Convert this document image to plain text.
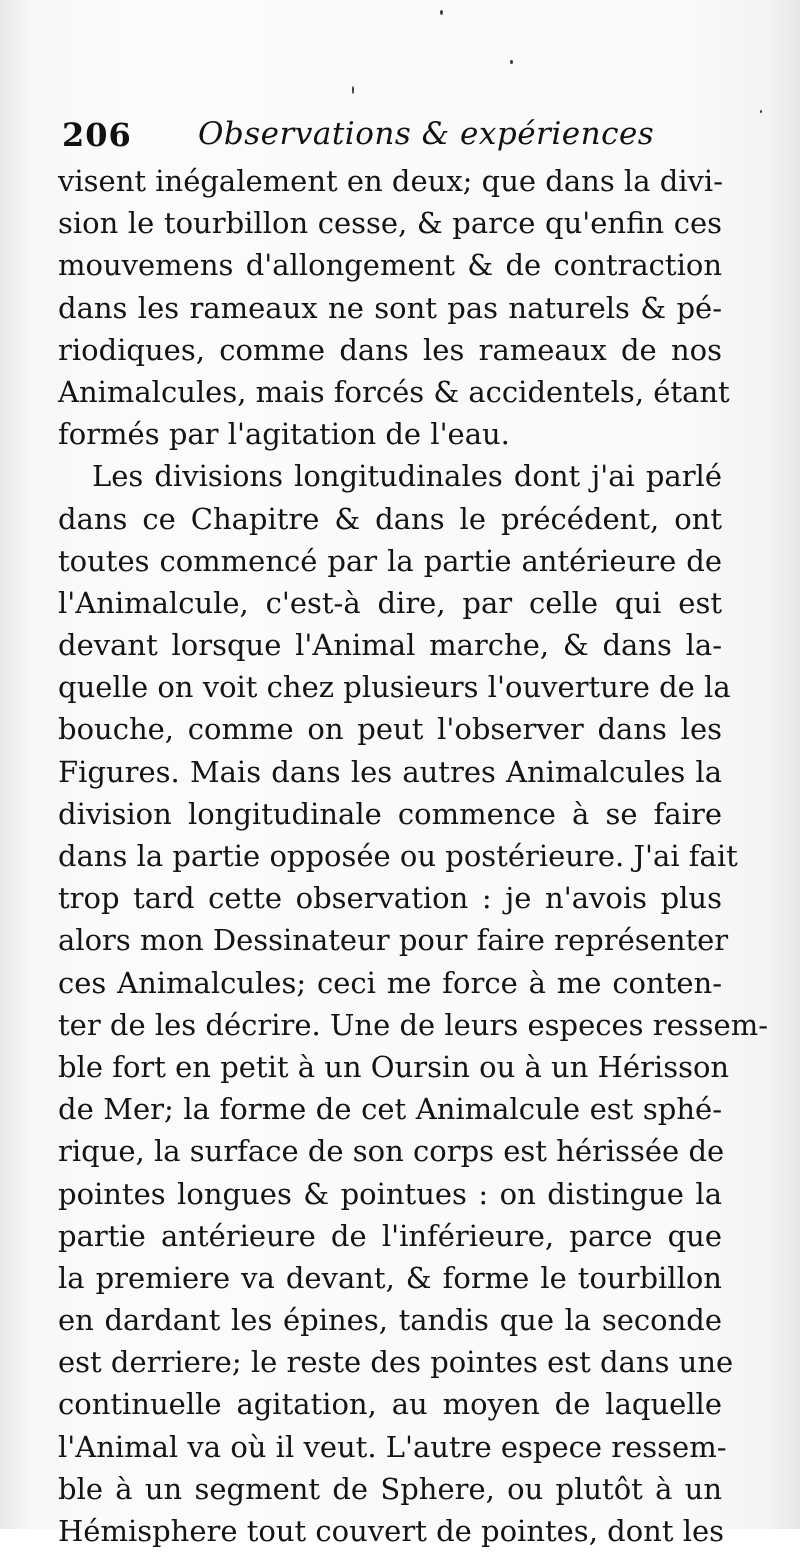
206 Observations & expériences
visent inégalement en deux; que dans la divi-
sion le tourbillon cesse, & parce qu'enfin ces
mouvemens d'allongement & de contraction
dans les rameaux ne sont pas naturels & pé-
riodiques, comme dans les rameaux de nos
Animalcules, mais forcés & accidentels, étant
formés par l'agitation de l'eau.
Les divisions longitudinales dont j'ai parlé
dans ce Chapitre & dans le précédent, ont
toutes commencé par la partie antérieure de
l'Animalcule, c'est-à dire, par celle qui est
devant lorsque l'Animal marche, & dans la-
quelle on voit chez plusieurs l'ouverture de la
bouche, comme on peut l'observer dans les
Figures. Mais dans les autres Animalcules la
division longitudinale commence à se faire
dans la partie opposée ou postérieure. J'ai fait
trop tard cette observation : je n'avois plus
alors mon Dessinateur pour faire représenter
ces Animalcules; ceci me force à me conten-
ter de les décrire. Une de leurs especes ressem-
ble fort en petit à un Oursin ou à un Hérisson
de Mer; la forme de cet Animalcule est sphé-
rique, la surface de son corps est hérissée de
pointes longues & pointues : on distingue la
partie antérieure de l'inférieure, parce que
la premiere va devant, & forme le tourbillon
en dardant les épines, tandis que la seconde
est derriere; le reste des pointes est dans une
continuelle agitation, au moyen de laquelle
l'Animal va où il veut. L'autre espece ressem-
ble à un segment de Sphere, ou plutôt à un
Hémisphere tout couvert de pointes, dont les
